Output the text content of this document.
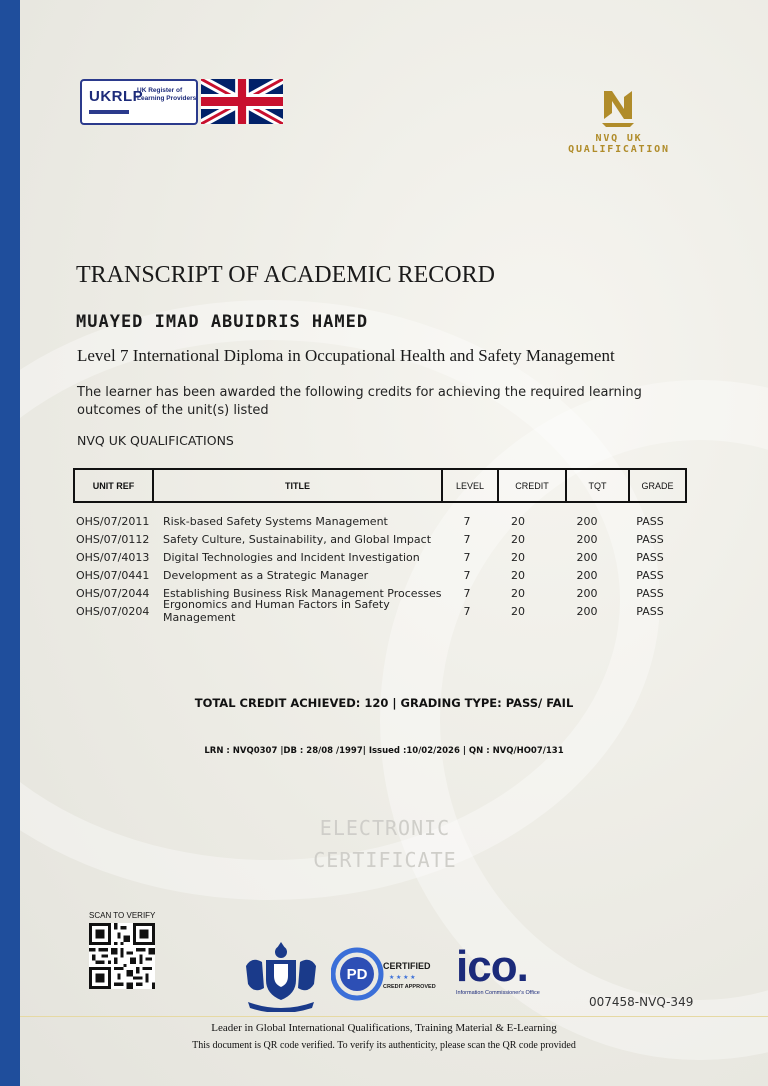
UKRLP
UK Register of Learning Providers
NVQ UK QUALIFICATION
TRANSCRIPT OF ACADEMIC RECORD
MUAYED IMAD ABUIDRIS HAMED
Level 7 International Diploma in Occupational Health and Safety Management
The learner has been awarded the following credits for achieving the required learning outcomes of the unit(s) listed
NVQ UK QUALIFICATIONS
UNIT REF	TITLE	LEVEL	CREDIT	TQT	GRADE
OHS/07/2011	Risk-based Safety Systems Management	7	20	200	PASS
OHS/07/0112	Safety Culture, Sustainability, and Global Impact	7	20	200	PASS
OHS/07/4013	Digital Technologies and Incident Investigation	7	20	200	PASS
OHS/07/0441	Development as a Strategic Manager	7	20	200	PASS
OHS/07/2044	Establishing Business Risk Management Processes	7	20	200	PASS
OHS/07/0204	Ergonomics and Human Factors in Safety Management	7	20	200	PASS
TOTAL CREDIT ACHIEVED: 120 | GRADING TYPE: PASS/ FAIL
LRN : NVQ0307 |DB : 28/08 /1997| Issued :10/02/2026 | QN : NVQ/HO07/131
ELECTRONIC
CERTIFICATE
SCAN TO VERIFY
PD CERTIFIED
★ ★ ★ ★
CREDIT APPROVED ico.
Information Commissioner's Office
007458-NVQ-349
Leader in Global International Qualifications, Training Material & E-Learning
This document is QR code verified. To verify its authenticity, please scan the QR code provided
